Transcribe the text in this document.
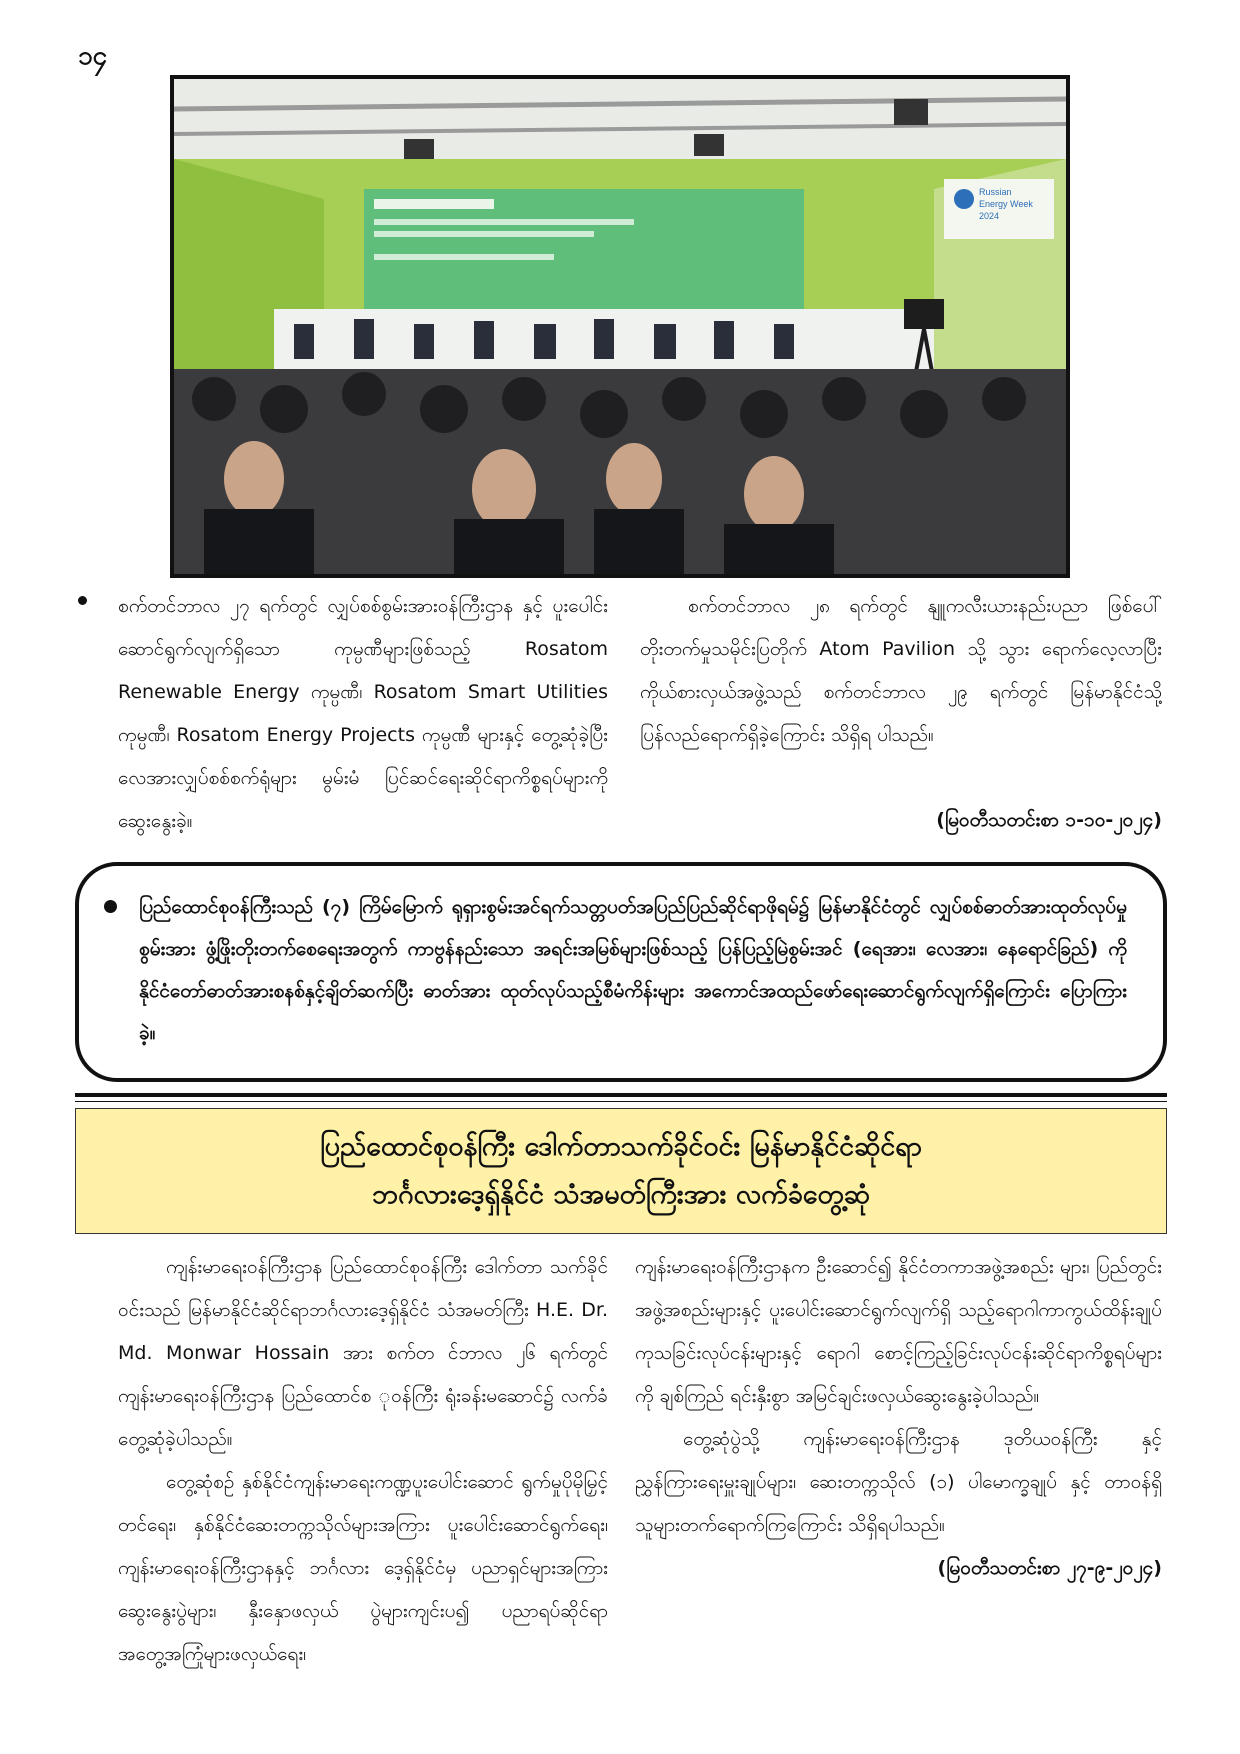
၁၄
Russian
Energy Week
2024

စက်တင်ဘာလ ၂၇ ရက်တွင် လျှပ်စစ်စွမ်းအားဝန်ကြီးဌာန နှင့် ပူးပေါင်းဆောင်ရွက်လျက်ရှိသော ကုမ္ပဏီများဖြစ်သည့် Rosatom Renewable Energy ကုမ္ပဏီ၊ Rosatom Smart Utilities ကုမ္ပဏီ၊ Rosatom Energy Projects ကုမ္ပဏီ များနှင့် တွေ့ဆုံခဲ့ပြီး လေအားလျှပ်စစ်စက်ရုံများ မွမ်းမံ ပြင်ဆင်ရေးဆိုင်ရာကိစ္စရပ်များကို ဆွေးနွေးခဲ့။

စက်တင်ဘာလ ၂၈ ရက်တွင် နျူကလီးယားနည်းပညာ ဖြစ်ပေါ်တိုးတက်မှုသမိုင်းပြတိုက် Atom Pavilion သို့ သွား ရောက်လေ့လာပြီး ကိုယ်စားလှယ်အဖွဲ့သည် စက်တင်ဘာလ ၂၉ ရက်တွင် မြန်မာနိုင်ငံသို့ ပြန်လည်ရောက်ရှိခဲ့ကြောင်း သိရှိရ ပါသည်။

(မြဝတီသတင်းစာ ၁-၁၀-၂၀၂၄)

ပြည်ထောင်စုဝန်ကြီးသည် (၇) ကြိမ်မြောက် ရုရှားစွမ်းအင်ရက်သတ္တပတ်အပြည်ပြည်ဆိုင်ရာဖိုရမ်၌ မြန်မာနိုင်ငံတွင် လျှပ်စစ်ဓာတ်အားထုတ်လုပ်မှုစွမ်းအား ဖွံ့ဖြိုးတိုးတက်စေရေးအတွက် ကာဗွန်နည်းသော အရင်းအမြစ်များဖြစ်သည့် ပြန်ပြည့်မြဲစွမ်းအင် (ရေအား၊ လေအား၊ နေရောင်ခြည်) ကို နိုင်ငံတော်ဓာတ်အားစနစ်နှင့်ချိတ်ဆက်ပြီး ဓာတ်အား ထုတ်လုပ်သည့်စီမံကိန်းများ အကောင်အထည်ဖော်ရေးဆောင်ရွက်လျက်ရှိကြောင်း ပြောကြားခဲ့။

ပြည်ထောင်စုဝန်ကြီး ဒေါက်တာသက်ခိုင်ဝင်း မြန်မာနိုင်ငံဆိုင်ရာ
ဘင်္ဂလားဒေ့ရှ်နိုင်ငံ သံအမတ်ကြီးအား လက်ခံတွေ့ဆုံ

ကျန်းမာရေးဝန်ကြီးဌာန ပြည်ထောင်စုဝန်ကြီး ဒေါက်တာ သက်ခိုင်ဝင်းသည် မြန်မာနိုင်ငံဆိုင်ရာဘင်္ဂလားဒေ့ရှ်နိုင်ငံ သံအမတ်ကြီး H.E. Dr. Md. Monwar Hossain အား စက်တ င်ဘာလ ၂၆ ရက်တွင် ကျန်းမာရေးဝန်ကြီးဌာန ပြည်ထောင်စ ုဝန်ကြီး ရုံးခန်းမဆောင်၌ လက်ခံတွေ့ဆုံခဲ့ပါသည်။

တွေ့ဆုံစဉ် နှစ်နိုင်ငံကျန်းမာရေးကဏ္ဍပူးပေါင်းဆောင် ရွက်မှုပိုမိုမြှင့်တင်ရေး၊ နှစ်နိုင်ငံဆေးတက္ကသိုလ်များအကြား ပူးပေါင်းဆောင်ရွက်ရေး၊ ကျန်းမာရေးဝန်ကြီးဌာနနှင့် ဘင်္ဂလား ဒေ့ရှ်နိုင်ငံမှ ပညာရှင်များအကြား ဆွေးနွေးပွဲများ၊ နှီးနှောဖလှယ် ပွဲများကျင်းပ၍ ပညာရပ်ဆိုင်ရာအတွေ့အကြုံများဖလှယ်ရေး၊

ကျန်းမာရေးဝန်ကြီးဌာနက ဦးဆောင်၍ နိုင်ငံတကာအဖွဲ့အစည်း များ၊ ပြည်တွင်းအဖွဲ့အစည်းများနှင့် ပူးပေါင်းဆောင်ရွက်လျက်ရှိ သည့်ရောဂါကာကွယ်ထိန်းချုပ်ကုသခြင်းလုပ်ငန်းများနှင့် ရောဂါ စောင့်ကြည့်ခြင်းလုပ်ငန်းဆိုင်ရာကိစ္စရပ်များကို ချစ်ကြည် ရင်းနှီးစွာ အမြင်ချင်းဖလှယ်ဆွေးနွေးခဲ့ပါသည်။

တွေ့ဆုံပွဲသို့ ကျန်းမာရေးဝန်ကြီးဌာန ဒုတိယဝန်ကြီး နှင့် ညွှန်ကြားရေးမှူးချုပ်များ၊ ဆေးတက္ကသိုလ် (၁) ပါမောက္ခချုပ် နှင့် တာဝန်ရှိသူများတက်ရောက်ကြကြောင်း သိရှိရပါသည်။

(မြဝတီသတင်းစာ ၂၇-၉-၂၀၂၄)
